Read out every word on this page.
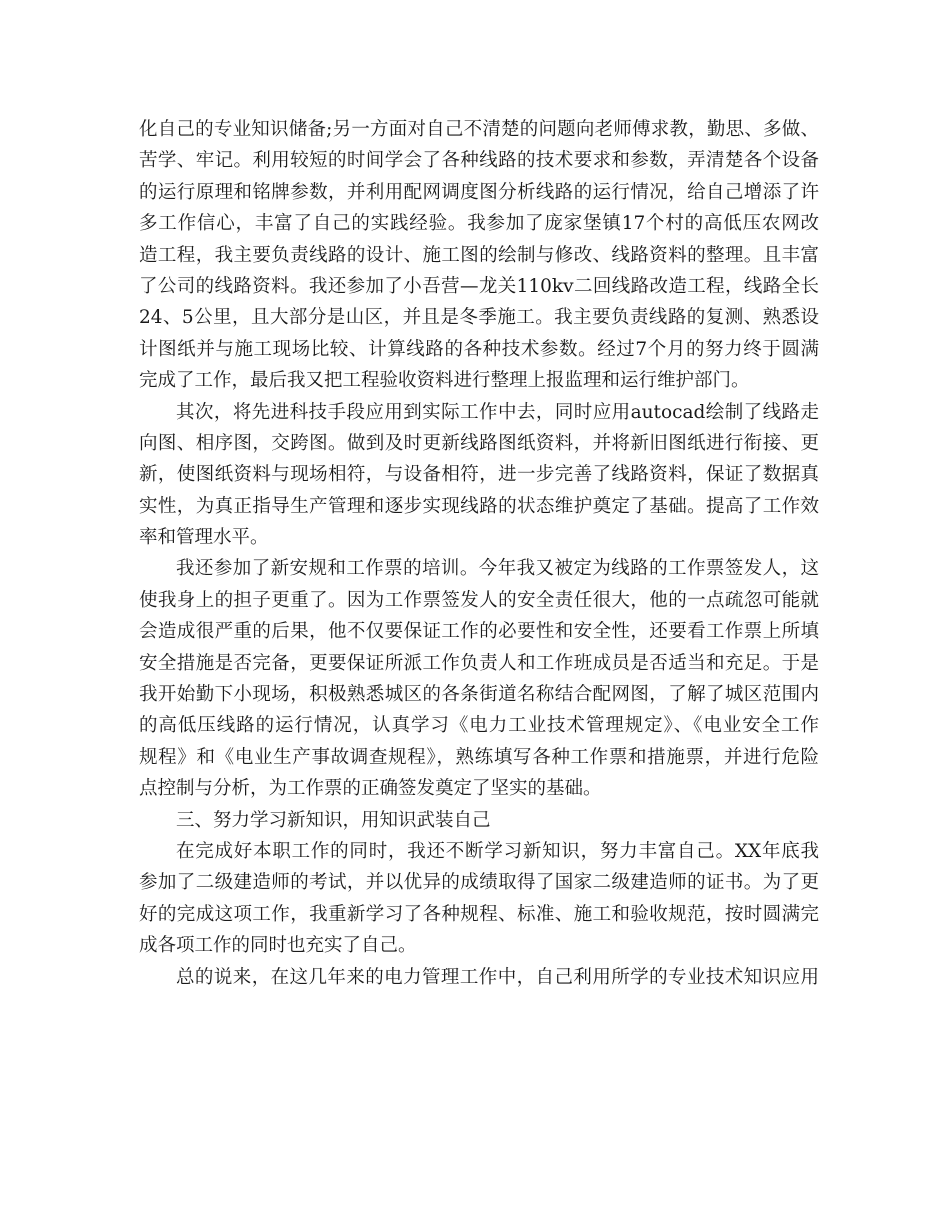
化自己的专业知识储备;另一方面对自己不清楚的问题向老师傅求教，勤思、多做、
苦学、牢记。利用较短的时间学会了各种线路的技术要求和参数，弄清楚各个设备
的运行原理和铭牌参数，并利用配网调度图分析线路的运行情况，给自己增添了许
多工作信心，丰富了自己的实践经验。我参加了庞家堡镇17个村的高低压农网改
造工程，我主要负责线路的设计、施工图的绘制与修改、线路资料的整理。且丰富
了公司的线路资料。我还参加了小吾营—龙关110kv二回线路改造工程，线路全长
24、5公里，且大部分是山区，并且是冬季施工。我主要负责线路的复测、熟悉设
计图纸并与施工现场比较、计算线路的各种技术参数。经过7个月的努力终于圆满
完成了工作，最后我又把工程验收资料进行整理上报监理和运行维护部门。
其次，将先进科技手段应用到实际工作中去，同时应用autocad绘制了线路走
向图、相序图，交跨图。做到及时更新线路图纸资料，并将新旧图纸进行衔接、更
新，使图纸资料与现场相符，与设备相符，进一步完善了线路资料，保证了数据真
实性，为真正指导生产管理和逐步实现线路的状态维护奠定了基础。提高了工作效
率和管理水平。
我还参加了新安规和工作票的培训。今年我又被定为线路的工作票签发人，这
使我身上的担子更重了。因为工作票签发人的安全责任很大，他的一点疏忽可能就
会造成很严重的后果，他不仅要保证工作的必要性和安全性，还要看工作票上所填
安全措施是否完备，更要保证所派工作负责人和工作班成员是否适当和充足。于是
我开始勤下小现场，积极熟悉城区的各条街道名称结合配网图，了解了城区范围内
的高低压线路的运行情况，认真学习《电力工业技术管理规定》、《电业安全工作
规程》和《电业生产事故调查规程》，熟练填写各种工作票和措施票，并进行危险
点控制与分析，为工作票的正确签发奠定了坚实的基础。
三、努力学习新知识，用知识武装自己
在完成好本职工作的同时，我还不断学习新知识，努力丰富自己。XX年底我
参加了二级建造师的考试，并以优异的成绩取得了国家二级建造师的证书。为了更
好的完成这项工作，我重新学习了各种规程、标准、施工和验收规范，按时圆满完
成各项工作的同时也充实了自己。
总的说来，在这几年来的电力管理工作中，自己利用所学的专业技术知识应用
